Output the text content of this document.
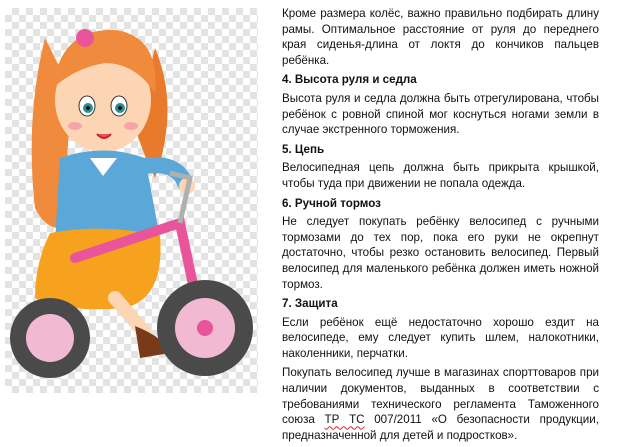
Кроме размера колёс, важно правильно подбирать длину рамы. Оптимальное расстояние от руля до переднего края сиденья-длина от локтя до кончиков пальцев ребёнка.

4. Высота руля и седла

Высота руля и седла должна быть отрегулирована, чтобы ребёнок с ровной спиной мог коснуться ногами земли в случае экстренного торможения.

5. Цепь

Велосипедная цепь должна быть прикрыта крышкой, чтобы туда при движении не попала одежда.

6. Ручной тормоз

Не следует покупать ребёнку велосипед с ручными тормозами до тех пор, пока его руки не окрепнут достаточно, чтобы резко остановить велосипед. Первый велосипед для маленького ребёнка должен иметь ножной тормоз.

7. Защита

Если ребёнок ещё недостаточно хорошо ездит на велосипеде, ему следует купить шлем, налокотники, наколенники, перчатки.

Покупать велосипед лучше в магазинах спорттоваров при наличии документов, выданных в соответствии с требованиями технического регламента Таможенного союза ТР ТС 007/2011 «О безопасности продукции, предназначенной для детей и подростков».
